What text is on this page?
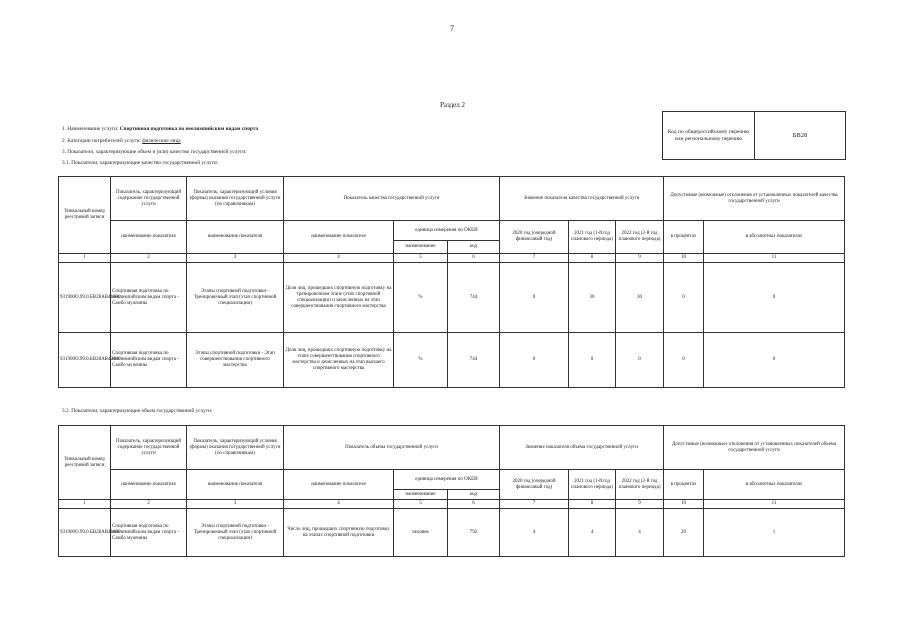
7
Раздел 2
1. Наименование услуги: Спортивная подготовка по неолимпийским видам спорта
2. Категории потребителей услуги: физические лица
3. Показатели, характеризующие объем и (или) качество государственной услуги:
3.1. Показатели, характеризующие качество государственной услуги:
Код по общероссийскому перечню или региональному перечню	БВ28
Уникальный номер реестровой записи	Показатель, характеризующий содержание государственной услуги	Показатель, характеризующий условия (формы) оказания государственной услуги (по справочникам)	Показатель качества государственной услуги			Значение показателя качества государственной услуги			Допустимые (возможные) отклонения от установленных показателей качества государственной услуги	
	наименование показателя	наименование показателя	наименование показателя	единица измерения по ОКЕИ		2020 год (очередной финансовый год)	2021 год (1-й год планового периода)	2022 год (2-й год планового периода)	в процентах	в абсолютных показателях
				наименование	код					
1	2	3	4	5	6	7	8	9	10	11
931900О.99.0.БВ28АВ41000	Спортивная подготовка по неолимпийским видам спорта - Самбо мужчины	Этапы спортивной подготовки - Тренировочный этап (этап спортивной специализации)	Доля лиц, прошедших спортивную подготовку на тренировочном этапе (этап спортивной специализации) и зачисленных на этап совершенствования спортивного мастерства	%	744	0	30	30	0	0
931900О.99.0.БВ28АВ42000	Спортивная подготовка по неолимпийским видам спорта - Самбо мужчины	Этапы спортивной подготовки - Этап совершенствования спортивного мастерства	Доля лиц, прошедших спортивную подготовку на этапе совершенствования спортивного мастерства и зачисленных на этап высшего спортивного мастерства	%	744	0	0	0	0	0
3.2. Показатели, характеризующие объем государственной услуги:
Уникальный номер реестровой записи	Показатель, характеризующий содержание государственной услуги	Показатель, характеризующий условия (формы) оказания государственной услуги (по справочникам)	Показатель объема государственной услуги			Значение показателя объема государственной услуги			Допустимые (возможные) отклонения от установленных показателей объема государственной услуги	
	наименование показателя	наименование показателя	наименование показателя	единица измерения по ОКЕИ		2020 год (очередной финансовый год)	2021 год (1-й год планового периода)	2022 год (2-й год планового периода)	в процентах	в абсолютных показателях
				наименование	код					
1	2	3	4	5	6	7	8	9	10	11
931900О.99.0.БВ28АВ41000	Спортивная подготовка по неолимпийским видам спорта - Самбо мужчины	Этапы спортивной подготовки - Тренировочный этап (этап спортивной специализации)	Число лиц, прошедших спортивную подготовку на этапах спортивной подготовки	человек	792	4	4	4	20	1
